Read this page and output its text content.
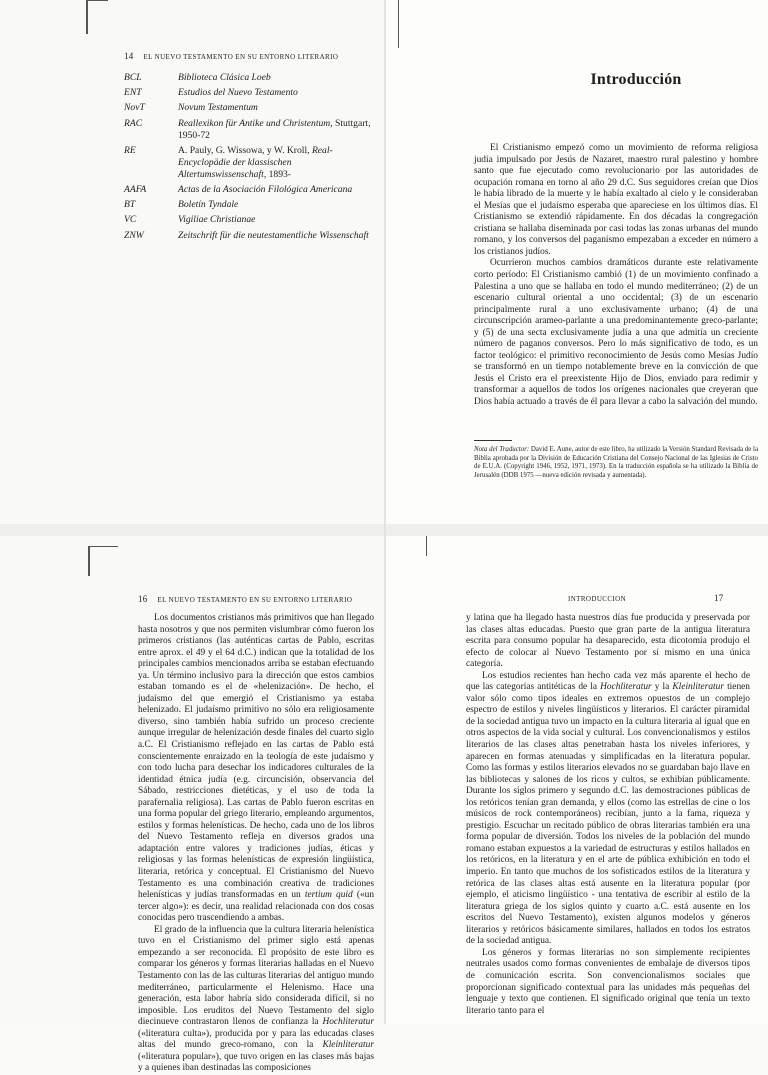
14 EL NUEVO TESTAMENTO EN SU ENTORNO LITERARIO
BCL	Biblioteca Clásica Loeb
ENT	Estudios del Nuevo Testamento
NovT	Novum Testamentum
RAC	Reallexikon für Antike und Christentum, Stuttgart, 1950-72
RE	A. Pauly, G. Wissowa, y W. Kroll, Real-Encyclopädie der klassischen Altertumswissenschaft, 1893-
AAFA	Actas de la Asociación Filológica Americana
BT	Boletín Tyndale
VC	Vigiliae Christianae
ZNW	Zeitschrift für die neutestamentliche Wissenschaft
Introducción

El Cristianismo empezó como un movimiento de reforma religiosa judía impulsado por Jesús de Nazaret, maestro rural palestino y hombre santo que fue ejecutado como revolucionario por las autoridades de ocupación romana en torno al año 29 d.C. Sus seguidores creían que Dios le había librado de la muerte y le había exaltado al cielo y le consideraban el Mesías que el judaísmo esperaba que apareciese en los últimos días. El Cristianismo se extendió rápidamente. En dos décadas la congregación cristiana se hallaba diseminada por casi todas las zonas urbanas del mundo romano, y los conversos del paganismo empezaban a exceder en número a los cristianos judíos.

Ocurrieron muchos cambios dramáticos durante este relativamente corto período: El Cristianismo cambió (1) de un movimiento confinado a Palestina a uno que se hallaba en todo el mundo mediterráneo; (2) de un escenario cultural oriental a uno occidental; (3) de un escenario principalmente rural a uno exclusivamente urbano; (4) de una circunscripción arameo-parlante a una predominantemente greco-parlante; y (5) de una secta exclusivamente judía a una que admitía un creciente número de paganos conversos. Pero lo más significativo de todo, es un factor teológico: el primitivo reconocimiento de Jesús como Mesías Judío se transformó en un tiempo notablemente breve en la convicción de que Jesús el Cristo era el preexistente Hijo de Dios, enviado para redimir y transformar a aquellos de todos los orígenes nacionales que creyeran que Dios había actuado a través de él para llevar a cabo la salvación del mundo.

Nota del Traductor: David E. Aune, autor de este libro, ha utilizado la Versión Standard Revisada de la Biblia aprobada por la División de Educación Cristiana del Consejo Nacional de las Iglesias de Cristo de E.U.A. (Copyright 1946, 1952, 1971, 1973). En la traducción española se ha utilizado la Biblia de Jerusalén (DDB 1975 —nueva edición revisada y aumentada).
16 EL NUEVO TESTAMENTO EN SU ENTORNO LITERARIO

Los documentos cristianos más primitivos que han llegado hasta nosotros y que nos permiten vislumbrar cómo fueron los primeros cristianos (las auténticas cartas de Pablo, escritas entre aprox. el 49 y el 64 d.C.) indican que la totalidad de los principales cambios mencionados arriba se estaban efectuando ya. Un término inclusivo para la dirección que estos cambios estaban tomando es el de «helenización». De hecho, el judaísmo del que emergió el Cristianismo ya estaba helenizado. El judaísmo primitivo no sólo era religiosamente diverso, sino también había sufrido un proceso creciente aunque irregular de helenización desde finales del cuarto siglo a.C. El Cristianismo reflejado en las cartas de Pablo está conscientemente enraizado en la teología de este judaísmo y con todo lucha para desechar los indicadores culturales de la identidad étnica judía (e.g. circuncisión, observancia del Sábado, restricciones dietéticas, y el uso de toda la parafernalia religiosa). Las cartas de Pablo fueron escritas en una forma popular del griego literario, empleando argumentos, estilos y formas helenísticas. De hecho, cada uno de los libros del Nuevo Testamento refleja en diversos grados una adaptación entre valores y tradiciones judías, éticas y religiosas y las formas helenísticas de expresión lingüística, literaria, retórica y conceptual. El Cristianismo del Nuevo Testamento es una combinación creativa de tradiciones helenísticas y judías transformadas en un tertium quid («un tercer algo»): es decir, una realidad relacionada con dos cosas conocidas pero trascendiendo a ambas.

El grado de la influencia que la cultura literaria helenística tuvo en el Cristianismo del primer siglo está apenas empezando a ser reconocida. El propósito de este libro es comparar los géneros y formas literarias halladas en el Nuevo Testamento con las de las culturas literarias del antiguo mundo mediterráneo, particularmente el Helenismo. Hace una generación, esta labor habría sido considerada difícil, si no imposible. Los eruditos del Nuevo Testamento del siglo diecinueve contrastaron llenos de confianza la Hochliteratur («literatura culta»), producida por y para las educadas clases altas del mundo greco-romano, con la Kleinliteratur («literatura popular»), que tuvo origen en las clases más bajas y a quienes iban destinadas las composiciones

INTRODUCCION	17

y latina que ha llegado hasta nuestros días fue producida y preservada por las clases altas educadas. Puesto que gran parte de la antigua literatura escrita para consumo popular ha desaparecido, esta dicotomía produjo el efecto de colocar al Nuevo Testamento por sí mismo en una única categoría.

Los estudios recientes han hecho cada vez más aparente el hecho de que las categorías antitéticas de la Hochliteratur y la Kleinliteratur tienen valor sólo como tipos ideales en extremos opuestos de un complejo espectro de estilos y niveles lingüísticos y literarios. El carácter piramidal de la sociedad antigua tuvo un impacto en la cultura literaria al igual que en otros aspectos de la vida social y cultural. Los convencionalismos y estilos literarios de las clases altas penetraban hasta los niveles inferiores, y aparecen en formas atenuadas y simplificadas en la literatura popular. Como las formas y estilos literarios elevados no se guardaban bajo llave en las bibliotecas y salones de los ricos y cultos, se exhibían públicamente. Durante los siglos primero y segundo d.C. las demostraciones públicas de los retóricos tenían gran demanda, y ellos (como las estrellas de cine o los músicos de rock contemporáneos) recibían, junto a la fama, riqueza y prestigio. Escuchar un recitado público de obras literarias también era una forma popular de diversión. Todos los niveles de la población del mundo romano estaban expuestos a la variedad de estructuras y estilos hallados en los retóricos, en la literatura y en el arte de pública exhibición en todo el imperio. En tanto que muchos de los sofisticados estilos de la literatura y retórica de las clases altas está ausente en la literatura popular (por ejemplo, el aticismo lingüístico - una tentativa de escribir al estilo de la literatura griega de los siglos quinto y cuarto a.C. está ausente en los escritos del Nuevo Testamento), existen algunos modelos y géneros literarios y retóricos básicamente similares, hallados en todos los estratos de la sociedad antigua.

Los géneros y formas literarias no son simplemente recipientes neutrales usados como formas convenientes de embalaje de diversos tipos de comunicación escrita. Son convencionalismos sociales que proporcionan significado contextual para las unidades más pequeñas del lenguaje y texto que contienen. El significado original que tenía un texto literario tanto para el
